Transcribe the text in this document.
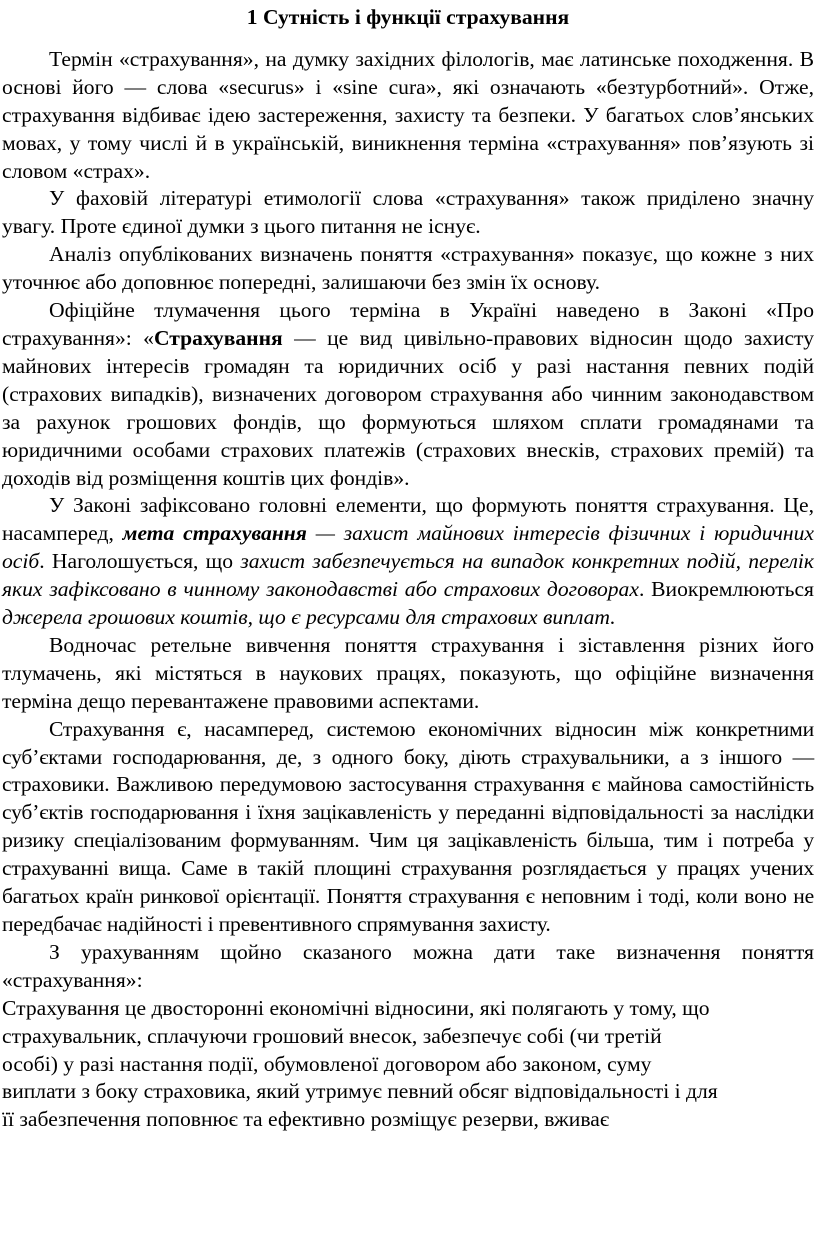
1 Сутність і функції страхування

Термін «страхування», на думку західних філологів, має латинське походження. В основі його — слова «securus» і «sine cura», які означають «безтурботний». Отже, страхування відбиває ідею застереження, захисту та безпеки. У багатьох слов’янських мовах, у тому числі й в українській, виникнення терміна «страхування» пов’язують зі словом «страх».

У фаховій літературі етимології слова «страхування» також приділено значну увагу. Проте єдиної думки з цього питання не існує.

Аналіз опублікованих визначень поняття «страхування» показує, що кожне з них уточнює або доповнює попередні, залишаючи без змін їх основу.

Офіційне тлумачення цього терміна в Україні наведено в Законі «Про страхування»: «Страхування — це вид цивільно-правових відносин щодо захисту майнових інтересів громадян та юридичних осіб у разі настання певних подій (страхових випадків), визначених договором страхування або чинним законодавством за рахунок грошових фондів, що формуються шляхом сплати громадянами та юридичними особами страхових платежів (страхових внесків, страхових премій) та доходів від розміщення коштів цих фондів».

У Законі зафіксовано головні елементи, що формують поняття страхування. Це, насамперед, мета страхування — захист майнових інтересів фізичних і юридичних осіб. Наголошується, що захист забезпечується на випадок конкретних подій, перелік яких зафіксовано в чинному законодавстві або страхових договорах. Виокремлюються джерела грошових коштів, що є ресурсами для страхових виплат.

Водночас ретельне вивчення поняття страхування і зіставлення різних його тлумачень, які містяться в наукових працях, показують, що офіційне визначення терміна дещо перевантажене правовими аспектами.

Страхування є, насамперед, системою економічних відносин між конкретними суб’єктами господарювання, де, з одного боку, діють страхувальники, а з іншого — страховики. Важливою передумовою застосування страхування є майнова самостійність суб’єктів господарювання і їхня зацікавленість у переданні відповідальності за наслідки ризику спеціалізованим формуванням. Чим ця зацікавленість більша, тим і потреба у страхуванні вища. Саме в такій площині страхування розглядається у працях учених багатьох країн ринкової орієнтації. Поняття страхування є неповним і тоді, коли воно не передбачає надійності і превентивного спрямування захисту.

З урахуванням щойно сказаного можна дати таке визначення поняття «страхування»:

Страхування це двосторонні економічні відносини, які полягають у тому, що
страхувальник, сплачуючи грошовий внесок, забезпечує собі (чи третій
особі) у разі настання події, обумовленої договором або законом, суму
виплати з боку страховика, який утримує певний обсяг відповідальності і для
її забезпечення поповнює та ефективно розміщує резерви, вживає
